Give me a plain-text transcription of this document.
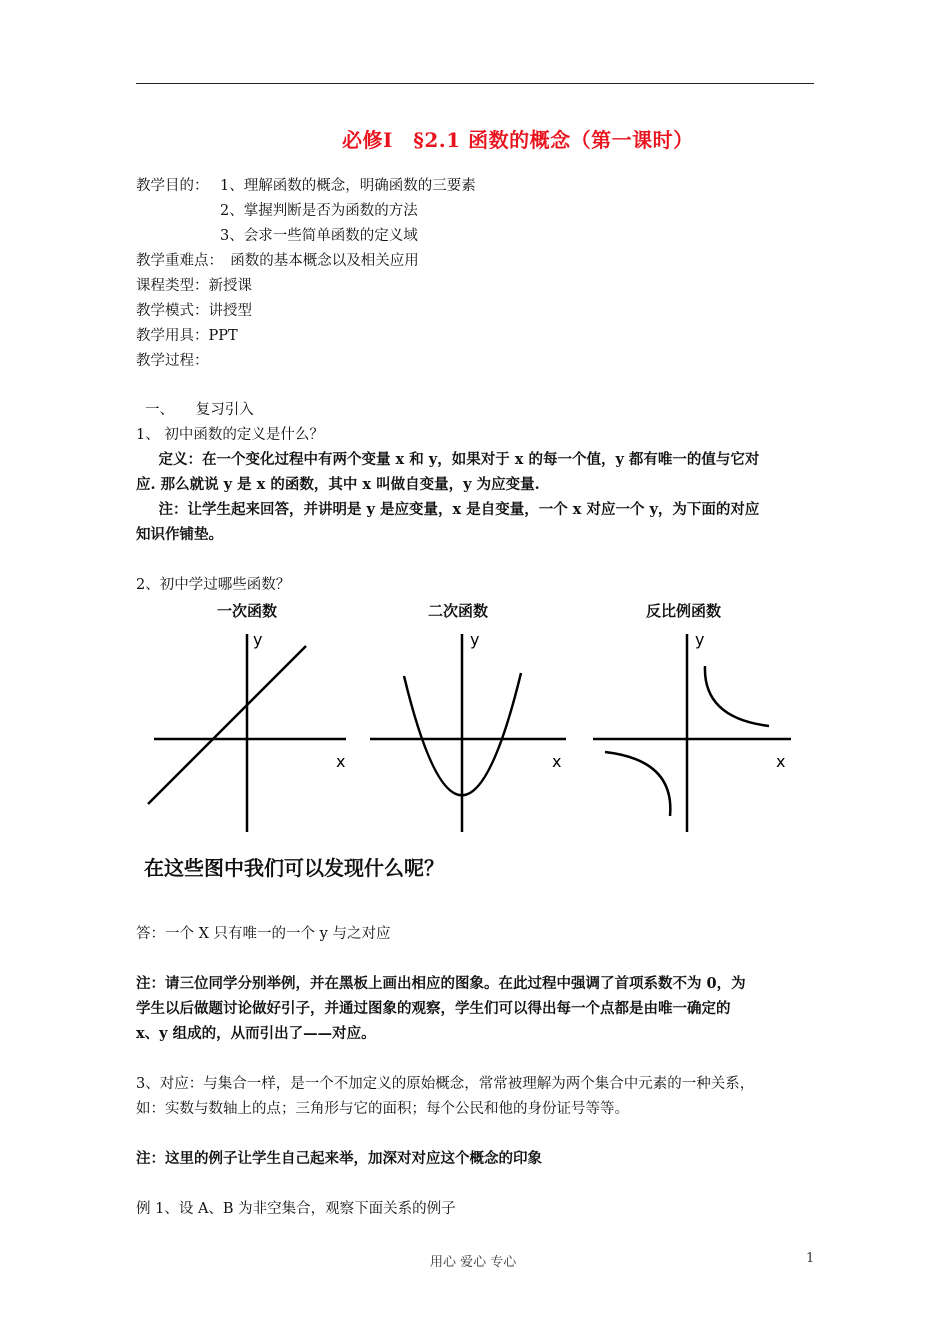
必修Ⅰ　§2.1 函数的概念（第一课时）
教学目的： 1、理解函数的概念，明确函数的三要素
2、掌握判断是否为函数的方法
3、会求一些简单函数的定义域
教学重难点：　函数的基本概念以及相关应用
课程类型：新授课
教学模式：讲授型
教学用具：PPT
教学过程：
一、　　复习引入
1、 初中函数的定义是什么？
　定义：在一个变化过程中有两个变量 x 和 y，如果对于 x 的每一个值，y 都有唯一的值与它对
应. 那么就说 y 是 x 的函数，其中 x 叫做自变量，y 为应变量.
　注：让学生起来回答，并讲明是 y 是应变量，x 是自变量，一个 x 对应一个 y，为下面的对应
知识作铺垫。
2、初中学过哪些函数？
一次函数	二次函数	反比例函数
y
x
y
x
y
x
在这些图中我们可以发现什么呢？
答：一个 X 只有唯一的一个 y 与之对应
注：请三位同学分别举例，并在黑板上画出相应的图象。在此过程中强调了首项系数不为 0，为
学生以后做题讨论做好引子，并通过图象的观察，学生们可以得出每一个点都是由唯一确定的
x、y 组成的，从而引出了——对应。
3、对应：与集合一样，是一个不加定义的原始概念，常常被理解为两个集合中元素的一种关系，
如：实数与数轴上的点；三角形与它的面积；每个公民和他的身份证号等等。
注：这里的例子让学生自己起来举，加深对对应这个概念的印象
例 1、设 A、B 为非空集合，观察下面关系的例子
用心 爱心 专心	1
